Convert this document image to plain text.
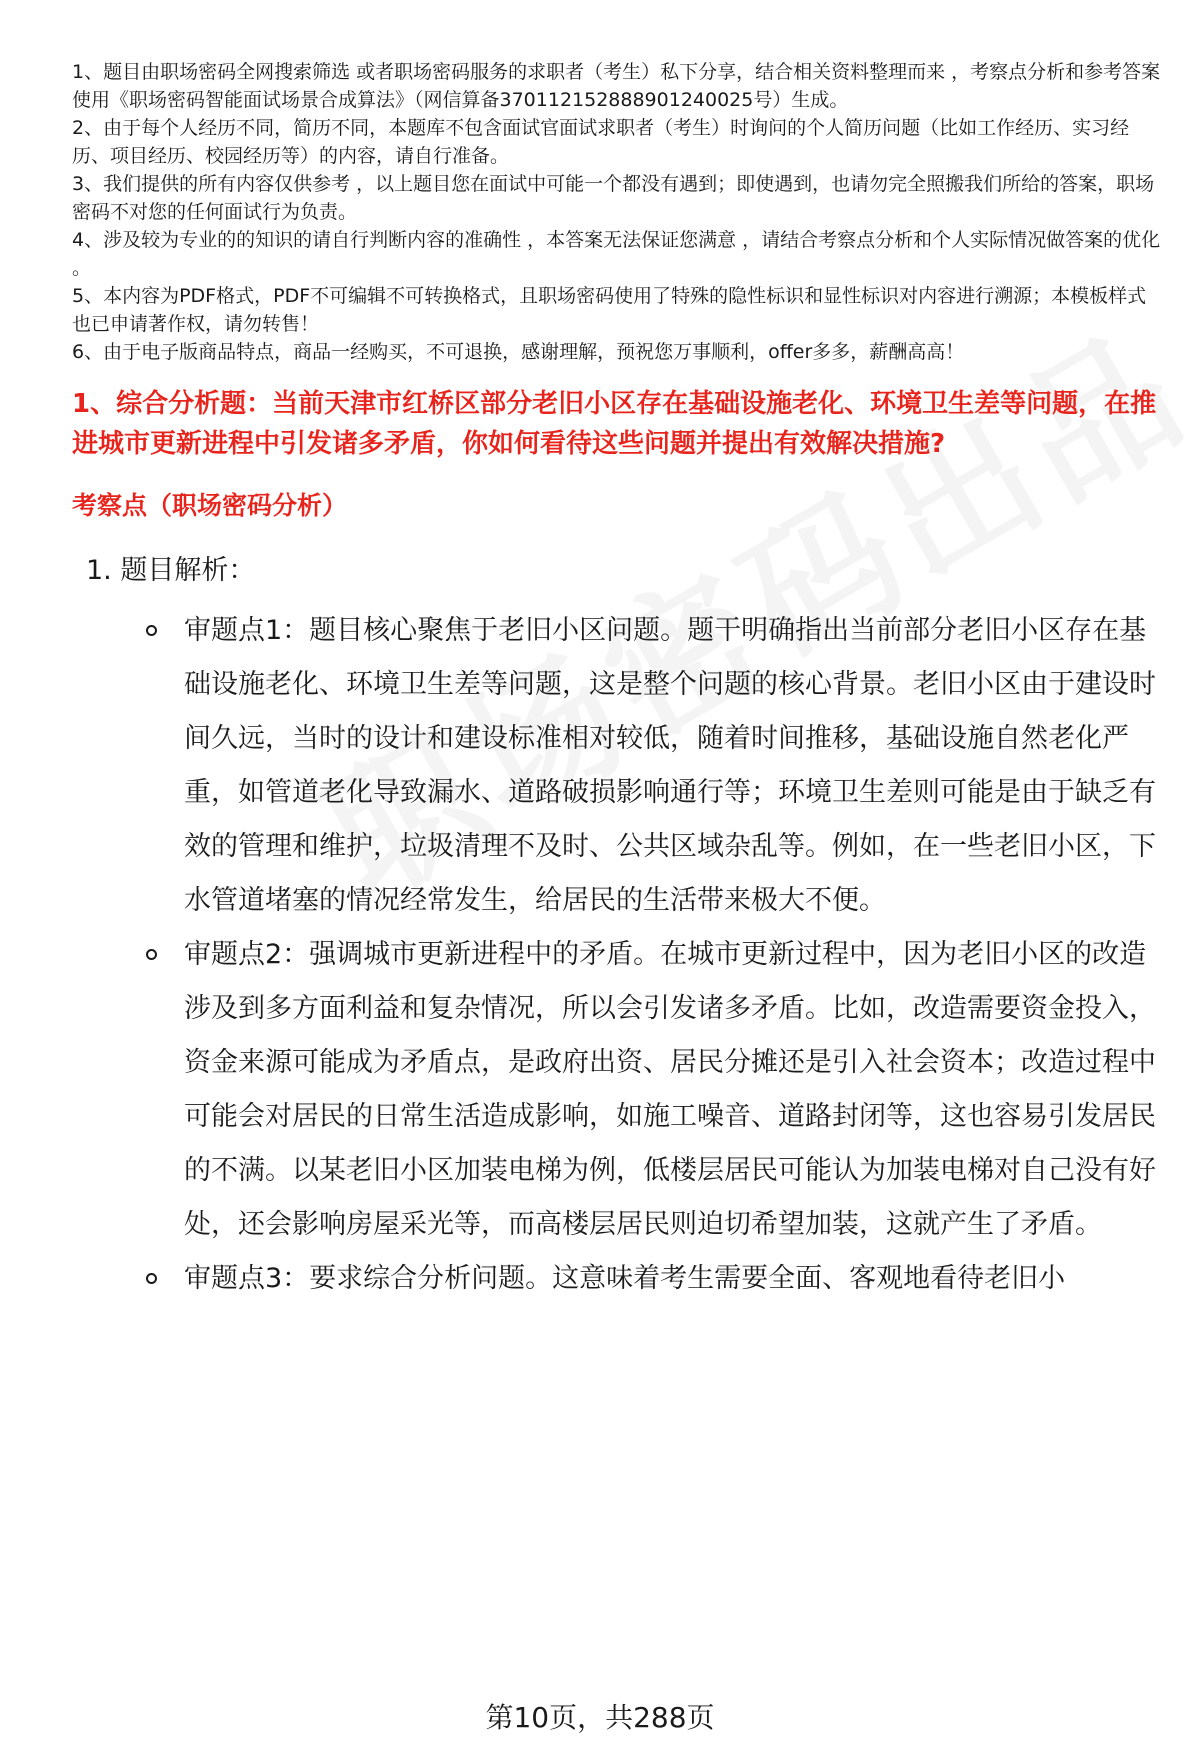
1、题目由职场密码全网搜索筛选 或者职场密码服务的求职者（考生）私下分享，结合相关资料整理而来 ，考察点分析和参考答案使用《职场密码智能面试场景合成算法》（网信算备370112152888901240025号）生成。

2、由于每个人经历不同，简历不同，本题库不包含面试官面试求职者（考生）时询问的个人简历问题（比如工作经历、实习经历、项目经历、校园经历等）的内容，请自行准备。

3、我们提供的所有内容仅供参考 ，以上题目您在面试中可能一个都没有遇到；即使遇到，也请勿完全照搬我们所给的答案，职场密码不对您的任何面试行为负责。

4、涉及较为专业的的知识的请自行判断内容的准确性 ，本答案无法保证您满意 ，请结合考察点分析和个人实际情况做答案的优化 。

5、本内容为PDF格式，PDF不可编辑不可转换格式，且职场密码使用了特殊的隐性标识和显性标识对内容进行溯源；本模板样式也已申请著作权，请勿转售！

6、由于电子版商品特点，商品一经购买，不可退换，感谢理解，预祝您万事顺利，offer多多，薪酬高高！

1、综合分析题：当前天津市红桥区部分老旧小区存在基础设施老化、环境卫生差等问题，在推进城市更新进程中引发诸多矛盾，你如何看待这些问题并提出有效解决措施?
考察点（职场密码分析）
1. 题目解析：
审题点1：题目核心聚焦于老旧小区问题。题干明确指出当前部分老旧小区存在基础设施老化、环境卫生差等问题，这是整个问题的核心背景。老旧小区由于建设时间久远，当时的设计和建设标准相对较低，随着时间推移，基础设施自然老化严重，如管道老化导致漏水、道路破损影响通行等；环境卫生差则可能是由于缺乏有效的管理和维护，垃圾清理不及时、公共区域杂乱等。例如，在一些老旧小区，下水管道堵塞的情况经常发生，给居民的生活带来极大不便。
审题点2：强调城市更新进程中的矛盾。在城市更新过程中，因为老旧小区的改造涉及到多方面利益和复杂情况，所以会引发诸多矛盾。比如，改造需要资金投入，资金来源可能成为矛盾点，是政府出资、居民分摊还是引入社会资本；改造过程中可能会对居民的日常生活造成影响，如施工噪音、道路封闭等，这也容易引发居民的不满。以某老旧小区加装电梯为例，低楼层居民可能认为加装电梯对自己没有好处，还会影响房屋采光等，而高楼层居民则迫切希望加装，这就产生了矛盾。
审题点3：要求综合分析问题。这意味着考生需要全面、客观地看待老旧小
第10页，共288页
